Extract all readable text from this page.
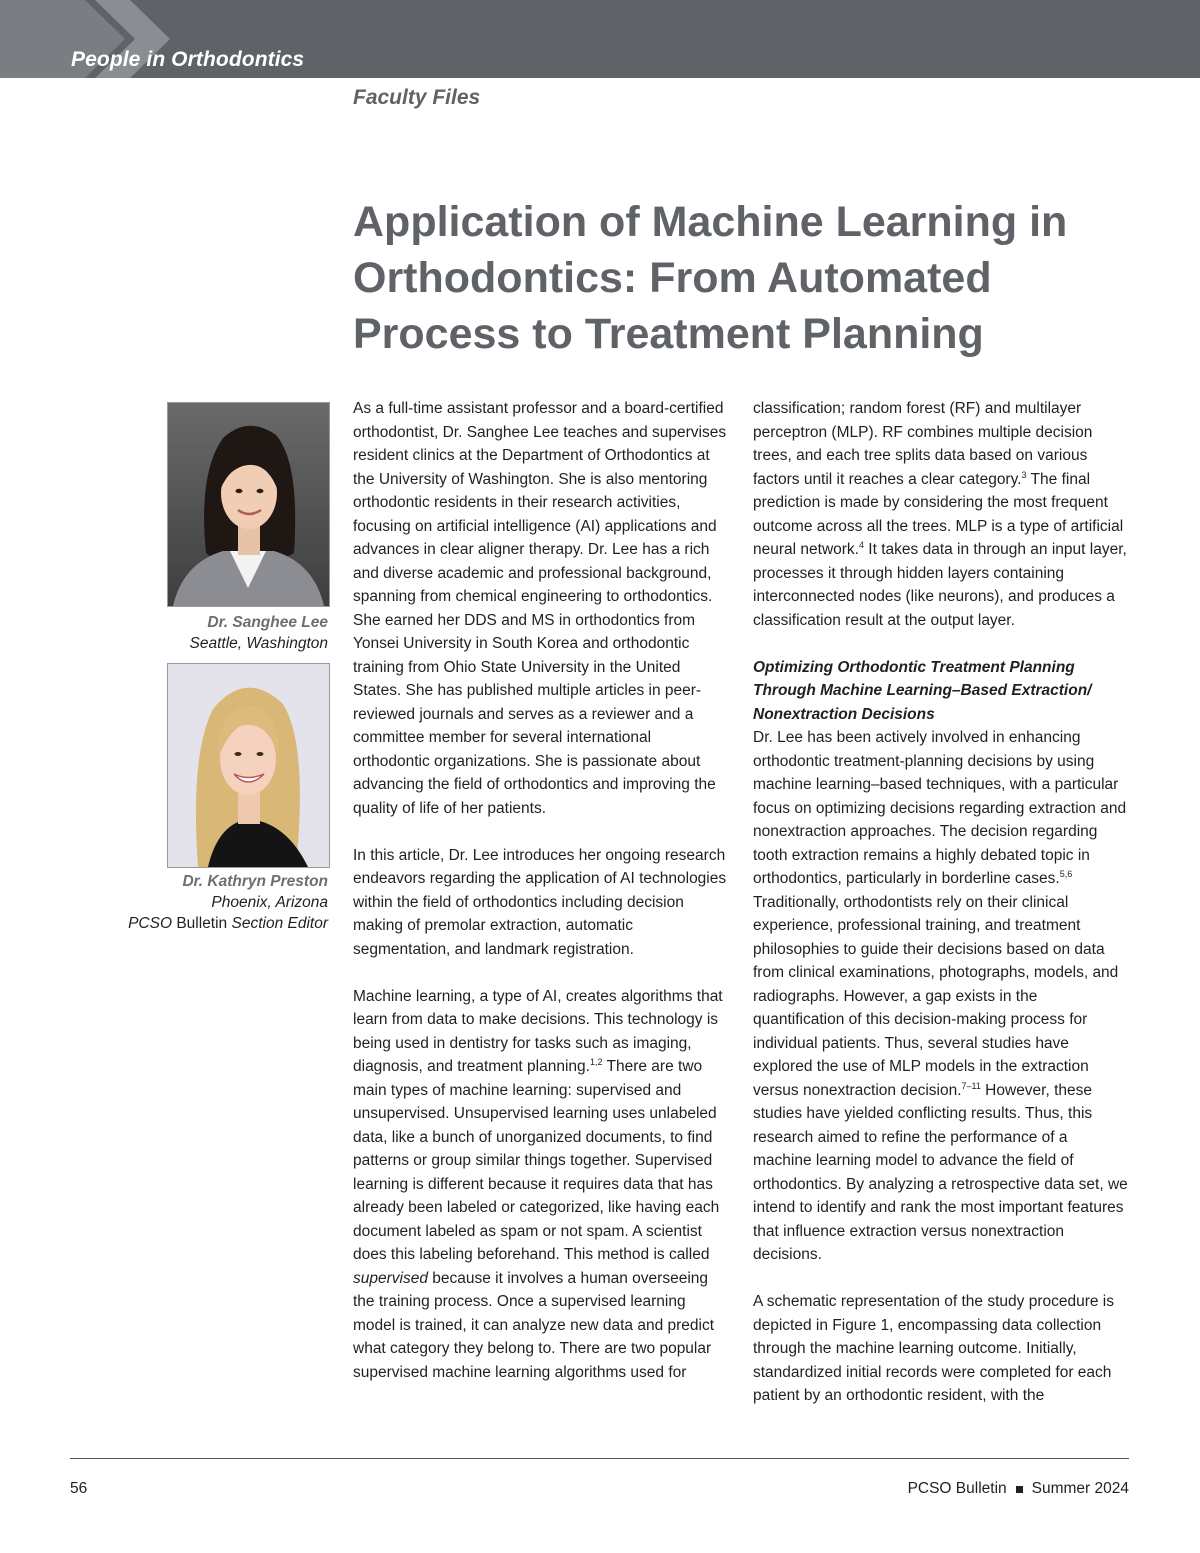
People in Orthodontics
Faculty Files
Application of Machine Learning in Orthodontics: From Automated Process to Treatment Planning
Dr. Sanghee Lee
Seattle, Washington
Dr. Kathryn Preston
Phoenix, Arizona
PCSO Bulletin Section Editor

As a full-time assistant professor and a board-certified orthodontist, Dr. Sanghee Lee teaches and supervises resident clinics at the Department of Orthodontics at the University of Washington. She is also mentoring orthodontic residents in their research activities, focusing on artificial intelligence (AI) applications and advances in clear aligner therapy. Dr. Lee has a rich and diverse academic and professional background, spanning from chemical engineering to orthodontics. She earned her DDS and MS in orthodontics from Yonsei University in South Korea and orthodontic training from Ohio State University in the United States. She has published multiple articles in peer-reviewed journals and serves as a reviewer and a committee member for several international orthodontic organizations. She is passionate about advancing the field of orthodontics and improving the quality of life of her patients.

In this article, Dr. Lee introduces her ongoing research endeavors regarding the application of AI technologies within the field of orthodontics including decision making of premolar extraction, automatic segmentation, and landmark registration.

Machine learning, a type of AI, creates algorithms that learn from data to make decisions. This technology is being used in dentistry for tasks such as imaging, diagnosis, and treatment planning.$^{1,2}$ There are two main types of machine learning: supervised and unsupervised. Unsupervised learning uses unlabeled data, like a bunch of unorganized documents, to find patterns or group similar things together. Supervised learning is different because it requires data that has already been labeled or categorized, like having each document labeled as spam or not spam. A scientist does this labeling beforehand. This method is called supervised because it involves a human overseeing the training process. Once a supervised learning model is trained, it can analyze new data and predict what category they belong to. There are two popular supervised machine learning algorithms used for

classification; random forest (RF) and multilayer perceptron (MLP). RF combines multiple decision trees, and each tree splits data based on various factors until it reaches a clear category.$^3$ The final prediction is made by considering the most frequent outcome across all the trees. MLP is a type of artificial neural network.$^4$ It takes data in through an input layer, processes it through hidden layers containing interconnected nodes (like neurons), and produces a classification result at the output layer.

Optimizing Orthodontic Treatment Planning Through Machine Learning–Based Extraction/ Nonextraction Decisions

Dr. Lee has been actively involved in enhancing orthodontic treatment-planning decisions by using machine learning–based techniques, with a particular focus on optimizing decisions regarding extraction and nonextraction approaches. The decision regarding tooth extraction remains a highly debated topic in orthodontics, particularly in borderline cases.$^{5,6}$ Traditionally, orthodontists rely on their clinical experience, professional training, and treatment philosophies to guide their decisions based on data from clinical examinations, photographs, models, and radiographs. However, a gap exists in the quantification of this decision-making process for individual patients. Thus, several studies have explored the use of MLP models in the extraction versus nonextraction decision.$^{7-11}$ However, these studies have yielded conflicting results. Thus, this research aimed to refine the performance of a machine learning model to advance the field of orthodontics. By analyzing a retrospective data set, we intend to identify and rank the most important features that influence extraction versus nonextraction decisions.

A schematic representation of the study procedure is depicted in Figure 1, encompassing data collection through the machine learning outcome. Initially, standardized initial records were completed for each patient by an orthodontic resident, with the

56	PCSO Bulletin Summer 2024
